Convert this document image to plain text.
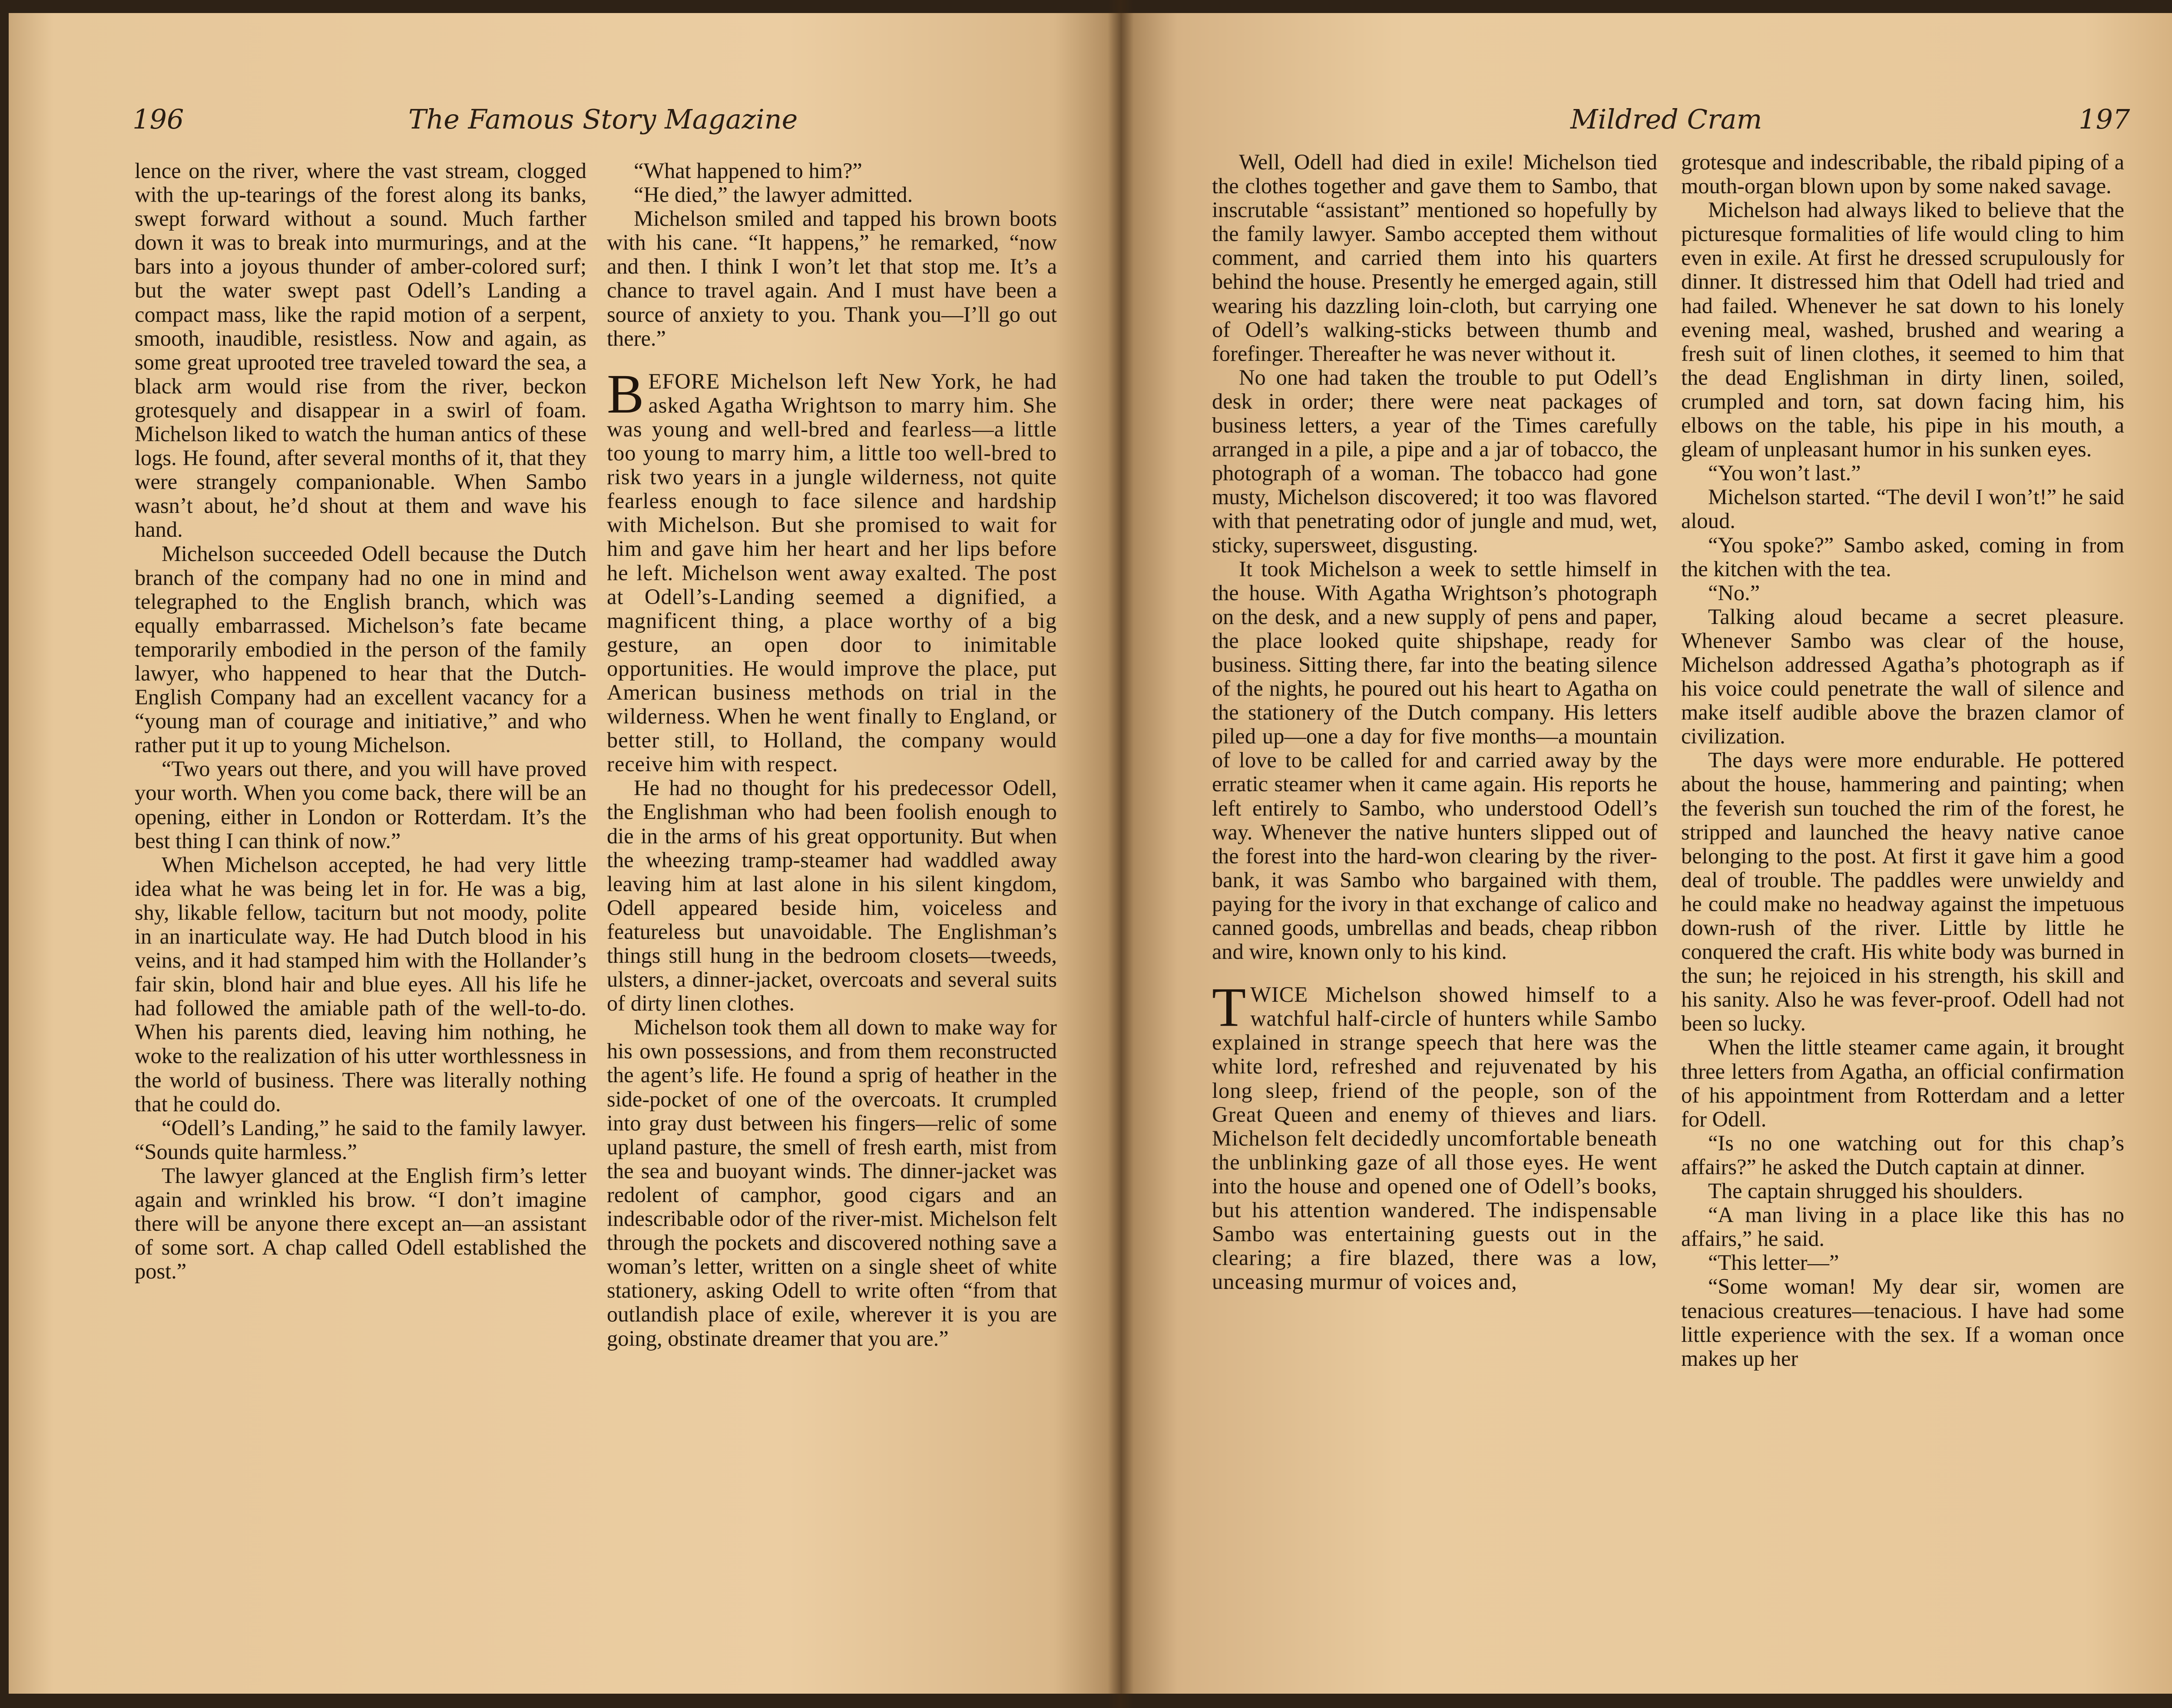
196	The Famous Story Magazine

lence on the river, where the vast stream, clogged with the up-tearings of the forest along its banks, swept forward without a sound. Much farther down it was to break into murmurings, and at the bars into a joyous thunder of amber-colored surf; but the water swept past Odell’s Landing a compact mass, like the rapid motion of a serpent, smooth, inaudible, resistless. Now and again, as some great uprooted tree traveled toward the sea, a black arm would rise from the river, beckon grotesquely and disappear in a swirl of foam. Michelson liked to watch the human antics of these logs. He found, after several months of it, that they were strangely companionable. When Sambo wasn’t about, he’d shout at them and wave his hand.

Michelson succeeded Odell because the Dutch branch of the company had no one in mind and telegraphed to the English branch, which was equally embarrassed. Michelson’s fate became temporarily embodied in the person of the family lawyer, who happened to hear that the Dutch-English Company had an excellent vacancy for a “young man of courage and initiative,” and who rather put it up to young Michelson.

“Two years out there, and you will have proved your worth. When you come back, there will be an opening, either in London or Rotterdam. It’s the best thing I can think of now.”

When Michelson accepted, he had very little idea what he was being let in for. He was a big, shy, likable fellow, taciturn but not moody, polite in an inarticulate way. He had Dutch blood in his veins, and it had stamped him with the Hollander’s fair skin, blond hair and blue eyes. All his life he had followed the amiable path of the well-to-do. When his parents died, leaving him nothing, he woke to the realization of his utter worthlessness in the world of business. There was literally nothing that he could do.

“Odell’s Landing,” he said to the family lawyer. “Sounds quite harmless.”

The lawyer glanced at the English firm’s letter again and wrinkled his brow. “I don’t imagine there will be anyone there except an—an assistant of some sort. A chap called Odell established the post.”

“What happened to him?”

“He died,” the lawyer admitted.

Michelson smiled and tapped his brown boots with his cane. “It happens,” he remarked, “now and then. I think I won’t let that stop me. It’s a chance to travel again. And I must have been a source of anxiety to you. Thank you—I’ll go out there.”

BEFORE Michelson left New York, he had asked Agatha Wrightson to marry him. She was young and well-bred and fearless—a little too young to marry him, a little too well-bred to risk two years in a jungle wilderness, not quite fearless enough to face silence and hardship with Michelson. But she promised to wait for him and gave him her heart and her lips before he left. Michelson went away exalted. The post at Odell’s-Landing seemed a dignified, a magnificent thing, a place worthy of a big gesture, an open door to inimitable opportunities. He would improve the place, put American business methods on trial in the wilderness. When he went finally to England, or better still, to Holland, the company would receive him with respect.

He had no thought for his predecessor Odell, the Englishman who had been foolish enough to die in the arms of his great opportunity. But when the wheezing tramp-steamer had waddled away leaving him at last alone in his silent kingdom, Odell appeared beside him, voiceless and featureless but unavoidable. The Englishman’s things still hung in the bedroom closets—tweeds, ulsters, a dinner-jacket, overcoats and several suits of dirty linen clothes.

Michelson took them all down to make way for his own possessions, and from them reconstructed the agent’s life. He found a sprig of heather in the side-pocket of one of the overcoats. It crumpled into gray dust between his fingers—relic of some upland pasture, the smell of fresh earth, mist from the sea and buoyant winds. The dinner-jacket was redolent of camphor, good cigars and an indescribable odor of the river-mist. Michelson felt through the pockets and discovered nothing save a woman’s letter, written on a single sheet of white stationery, asking Odell to write often “from that outlandish place of exile, wherever it is you are going, obstinate dreamer that you are.”

Mildred Cram	197

Well, Odell had died in exile! Michelson tied the clothes together and gave them to Sambo, that inscrutable “assistant” mentioned so hopefully by the family lawyer. Sambo accepted them without comment, and carried them into his quarters behind the house. Presently he emerged again, still wearing his dazzling loin-cloth, but carrying one of Odell’s walking-sticks between thumb and forefinger. Thereafter he was never without it.

No one had taken the trouble to put Odell’s desk in order; there were neat packages of business letters, a year of the Times carefully arranged in a pile, a pipe and a jar of tobacco, the photograph of a woman. The tobacco had gone musty, Michelson discovered; it too was flavored with that penetrating odor of jungle and mud, wet, sticky, supersweet, disgusting.

It took Michelson a week to settle himself in the house. With Agatha Wrightson’s photograph on the desk, and a new supply of pens and paper, the place looked quite shipshape, ready for business. Sitting there, far into the beating silence of the nights, he poured out his heart to Agatha on the stationery of the Dutch company. His letters piled up—one a day for five months—a mountain of love to be called for and carried away by the erratic steamer when it came again. His reports he left entirely to Sambo, who understood Odell’s way. Whenever the native hunters slipped out of the forest into the hard-won clearing by the river-bank, it was Sambo who bargained with them, paying for the ivory in that exchange of calico and canned goods, umbrellas and beads, cheap ribbon and wire, known only to his kind.

TWICE Michelson showed himself to a watchful half-circle of hunters while Sambo explained in strange speech that here was the white lord, refreshed and rejuvenated by his long sleep, friend of the people, son of the Great Queen and enemy of thieves and liars. Michelson felt decidedly uncomfortable beneath the unblinking gaze of all those eyes. He went into the house and opened one of Odell’s books, but his attention wandered. The indispensable Sambo was entertaining guests out in the clearing; a fire blazed, there was a low, unceasing murmur of voices and,

grotesque and indescribable, the ribald piping of a mouth-organ blown upon by some naked savage.

Michelson had always liked to believe that the picturesque formalities of life would cling to him even in exile. At first he dressed scrupulously for dinner. It distressed him that Odell had tried and had failed. Whenever he sat down to his lonely evening meal, washed, brushed and wearing a fresh suit of linen clothes, it seemed to him that the dead Englishman in dirty linen, soiled, crumpled and torn, sat down facing him, his elbows on the table, his pipe in his mouth, a gleam of unpleasant humor in his sunken eyes.

“You won’t last.”

Michelson started. “The devil I won’t!” he said aloud.

“You spoke?” Sambo asked, coming in from the kitchen with the tea.

“No.”

Talking aloud became a secret pleasure. Whenever Sambo was clear of the house, Michelson addressed Agatha’s photograph as if his voice could penetrate the wall of silence and make itself audible above the brazen clamor of civilization.

The days were more endurable. He pottered about the house, hammering and painting; when the feverish sun touched the rim of the forest, he stripped and launched the heavy native canoe belonging to the post. At first it gave him a good deal of trouble. The paddles were unwieldy and he could make no headway against the impetuous down-rush of the river. Little by little he conquered the craft. His white body was burned in the sun; he rejoiced in his strength, his skill and his sanity. Also he was fever-proof. Odell had not been so lucky.

When the little steamer came again, it brought three letters from Agatha, an official confirmation of his appointment from Rotterdam and a letter for Odell.

“Is no one watching out for this chap’s affairs?” he asked the Dutch captain at dinner.

The captain shrugged his shoulders.

“A man living in a place like this has no affairs,” he said.

“This letter—”

“Some woman! My dear sir, women are tenacious creatures—tenacious. I have had some little experience with the sex. If a woman once makes up her
